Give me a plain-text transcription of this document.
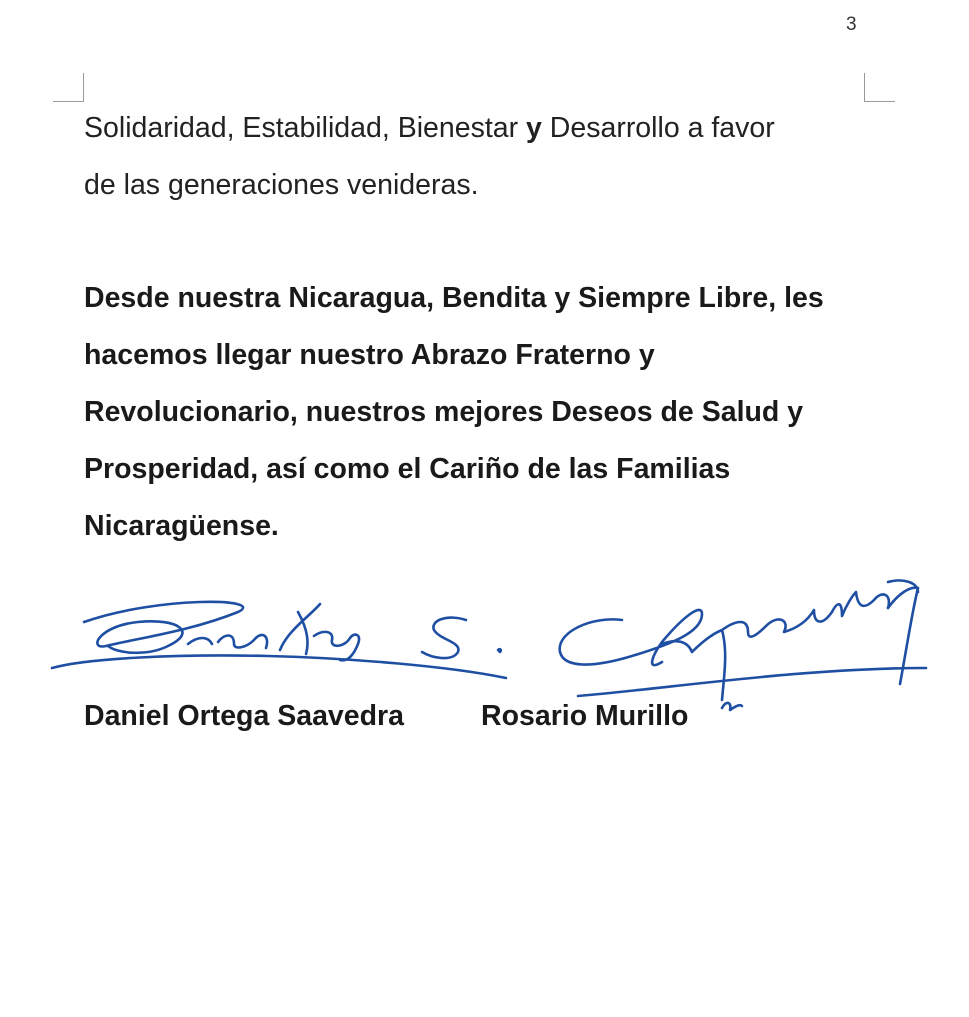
3

Solidaridad, Estabilidad, Bienestar y Desarrollo a favor
de las generaciones venideras.

Desde nuestra Nicaragua, Bendita y Siempre Libre, les
hacemos llegar nuestro Abrazo Fraterno y
Revolucionario, nuestros mejores Deseos de Salud y
Prosperidad, así como el Cariño de las Familias
Nicaragüense.

Daniel Ortega Saavedra	Rosario Murillo
